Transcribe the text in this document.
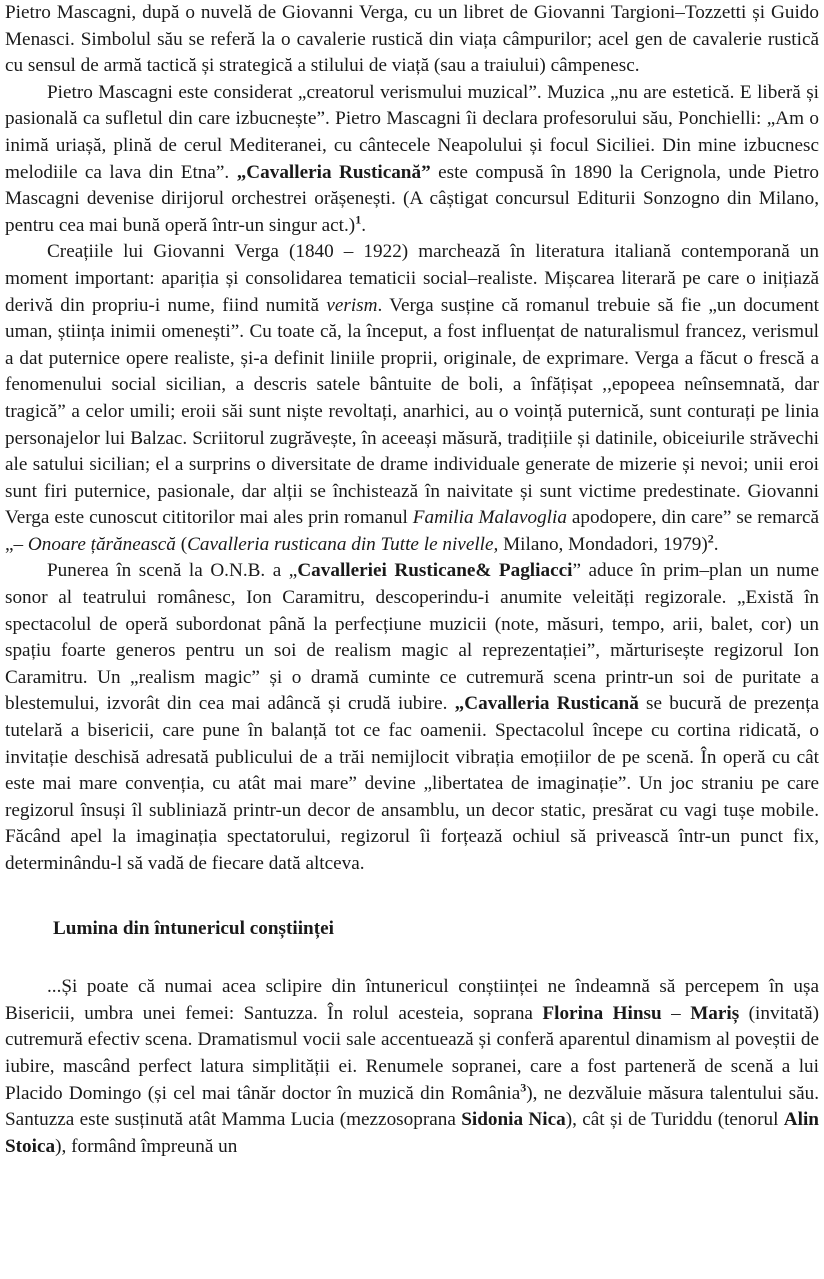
Pietro Mascagni, după o nuvelă de Giovanni Verga, cu un libret de Giovanni Targioni–Tozzetti și Guido Menasci. Simbolul său se referă la o cavalerie rustică din viața câmpurilor; acel gen de cavalerie rustică cu sensul de armă tactică și strategică a stilului de viață (sau a traiului) câmpenesc.

Pietro Mascagni este considerat „creatorul verismului muzical”. Muzica „nu are estetică. E liberă și pasională ca sufletul din care izbucnește”. Pietro Mascagni îi declara profesorului său, Ponchielli: „Am o inimă uriașă, plină de cerul Mediteranei, cu cântecele Neapolului și focul Siciliei. Din mine izbucnesc melodiile ca lava din Etna”. „Cavalleria Rusticană” este compusă în 1890 la Cerignola, unde Pietro Mascagni devenise dirijorul orchestrei orășenești. (A câștigat concursul Editurii Sonzogno din Milano, pentru cea mai bună operă într-un singur act.)$^1$.

Creațiile lui Giovanni Verga (1840 – 1922) marchează în literatura italiană contemporană un moment important: apariția și consolidarea tematicii social–realiste. Mișcarea literară pe care o inițiază derivă din propriu-i nume, fiind numită verism. Verga susține că romanul trebuie să fie „un document uman, știința inimii omenești”. Cu toate că, la început, a fost influențat de naturalismul francez, verismul a dat puternice opere realiste, și-a definit liniile proprii, originale, de exprimare. Verga a făcut o frescă a fenomenului social sicilian, a descris satele bântuite de boli, a înfățișat ,,epopeea neînsemnată, dar tragică” a celor umili; eroii săi sunt niște revoltați, anarhici, au o voință puternică, sunt conturați pe linia personajelor lui Balzac. Scriitorul zugrăvește, în aceeași măsură, tradițiile și datinile, obiceiurile străvechi ale satului sicilian; el a surprins o diversitate de drame individuale generate de mizerie și nevoi; unii eroi sunt firi puternice, pasionale, dar alții se închistează în naivitate și sunt victime predestinate. Giovanni Verga este cunoscut cititorilor mai ales prin romanul Familia Malavoglia apodopere, din care” se remarcă „– Onoare țărănească (Cavalleria rusticana din Tutte le nivelle, Milano, Mondadori, 1979)$^2$.

Punerea în scenă la O.N.B. a „Cavalleriei Rusticane& Pagliacci” aduce în prim–plan un nume sonor al teatrului românesc, Ion Caramitru, descoperindu-i anumite veleități regizorale. „Există în spectacolul de operă subordonat până la perfecțiune muzicii (note, măsuri, tempo, arii, balet, cor) un spațiu foarte generos pentru un soi de realism magic al reprezentației”, mărturisește regizorul Ion Caramitru. Un „realism magic” și o dramă cuminte ce cutremură scena printr-un soi de puritate a blestemului, izvorât din cea mai adâncă și crudă iubire. „Cavalleria Rusticană se bucură de prezența tutelară a bisericii, care pune în balanță tot ce fac oamenii. Spectacolul începe cu cortina ridicată, o invitație deschisă adresată publicului de a trăi nemijlocit vibrația emoțiilor de pe scenă. În operă cu cât este mai mare convenția, cu atât mai mare” devine „libertatea de imaginație”. Un joc straniu pe care regizorul însuși îl subliniază printr-un decor de ansamblu, un decor static, presărat cu vagi tușe mobile. Făcând apel la imaginația spectatorului, regizorul îi forțează ochiul să privească într-un punct fix, determinându-l să vadă de fiecare dată altceva.

Lumina din întunericul conștiinței

...Și poate că numai acea sclipire din întunericul conștiinței ne îndeamnă să percepem în ușa Bisericii, umbra unei femei: Santuzza. În rolul acesteia, soprana Florina Hinsu – Mariș (invitată) cutremură efectiv scena. Dramatismul vocii sale accentuează și conferă aparentul dinamism al poveștii de iubire, mascând perfect latura simplității ei. Renumele sopranei, care a fost parteneră de scenă a lui Placido Domingo (și cel mai tânăr doctor în muzică din România$^3$), ne dezvăluie măsura talentului său. Santuzza este susținută atât Mamma Lucia (mezzosoprana Sidonia Nica), cât și de Turiddu (tenorul Alin Stoica), formând împreună un
